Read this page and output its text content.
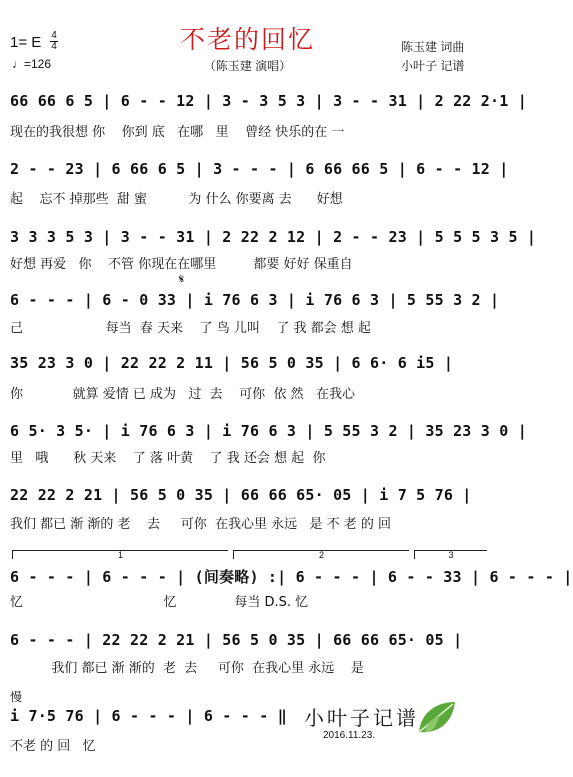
不老的回忆
1= E 4
4
♩=126	（陈玉建 演唱）
陈玉建 词曲
小叶子 记谱
66 66 6 5 | 6 - - 12 | 3 - 3 5 3 | 3 - - 31 | 2 22 2·1 |
现在的我很想 你    你到 底   在哪   里    曾经 快乐的在 一
2 - - 23 | 6 66 6 5 | 3 - - - | 6 66 66 5 | 6 - - 12 |
起    忘不 掉那些  甜 蜜          为 什么 你要离 去      好想
3 3 3 5 3 | 3 - - 31 | 2 22 2 12 | 2 - - 23 | 5 5 5 3 5 |
好想 再爱   你    不管 你现在在哪里         都要 好好 保重自
𝄋
6 - - - | 6 - 0 33 | i 76 6 3 | i 76 6 3 | 5 55 3 2 |
己                    每当  春 天来    了 鸟 儿叫    了 我 都会 想 起
35 23 3 0 | 22 22 2 11 | 56 5 0 35 | 6 6· 6 i5 |
你            就算 爱情 已 成为   过  去    可你  依 然   在我心
6 5· 3 5· | i 76 6 3 | i 76 6 3 | 5 55 3 2 | 35 23 3 0 |
里   哦      秋 天来    了 落 叶黄    了 我 还会 想 起  你
22 22 2 21 | 56 5 0 35 | 66 66 65· 05 | i 7 5 76 |
我们 都已 渐 渐的 老    去     可你  在我心里 永远   是 不 老 的 回
1	2	3
6 - - - | 6 - - - | (间奏略) :| 6 - - - | 6 - - 33 | 6 - - - |
忆                                  忆              每当 D.S. 忆
6 - - - | 22 22 2 21 | 56 5 0 35 | 66 66 65· 05 |
我们 都已 渐 渐的  老  去     可你  在我心里 永远    是
慢
i 7·5 76 | 6 - - - | 6 - - - ‖
不老 的 回   忆
小叶子记谱
2016.11.23.
